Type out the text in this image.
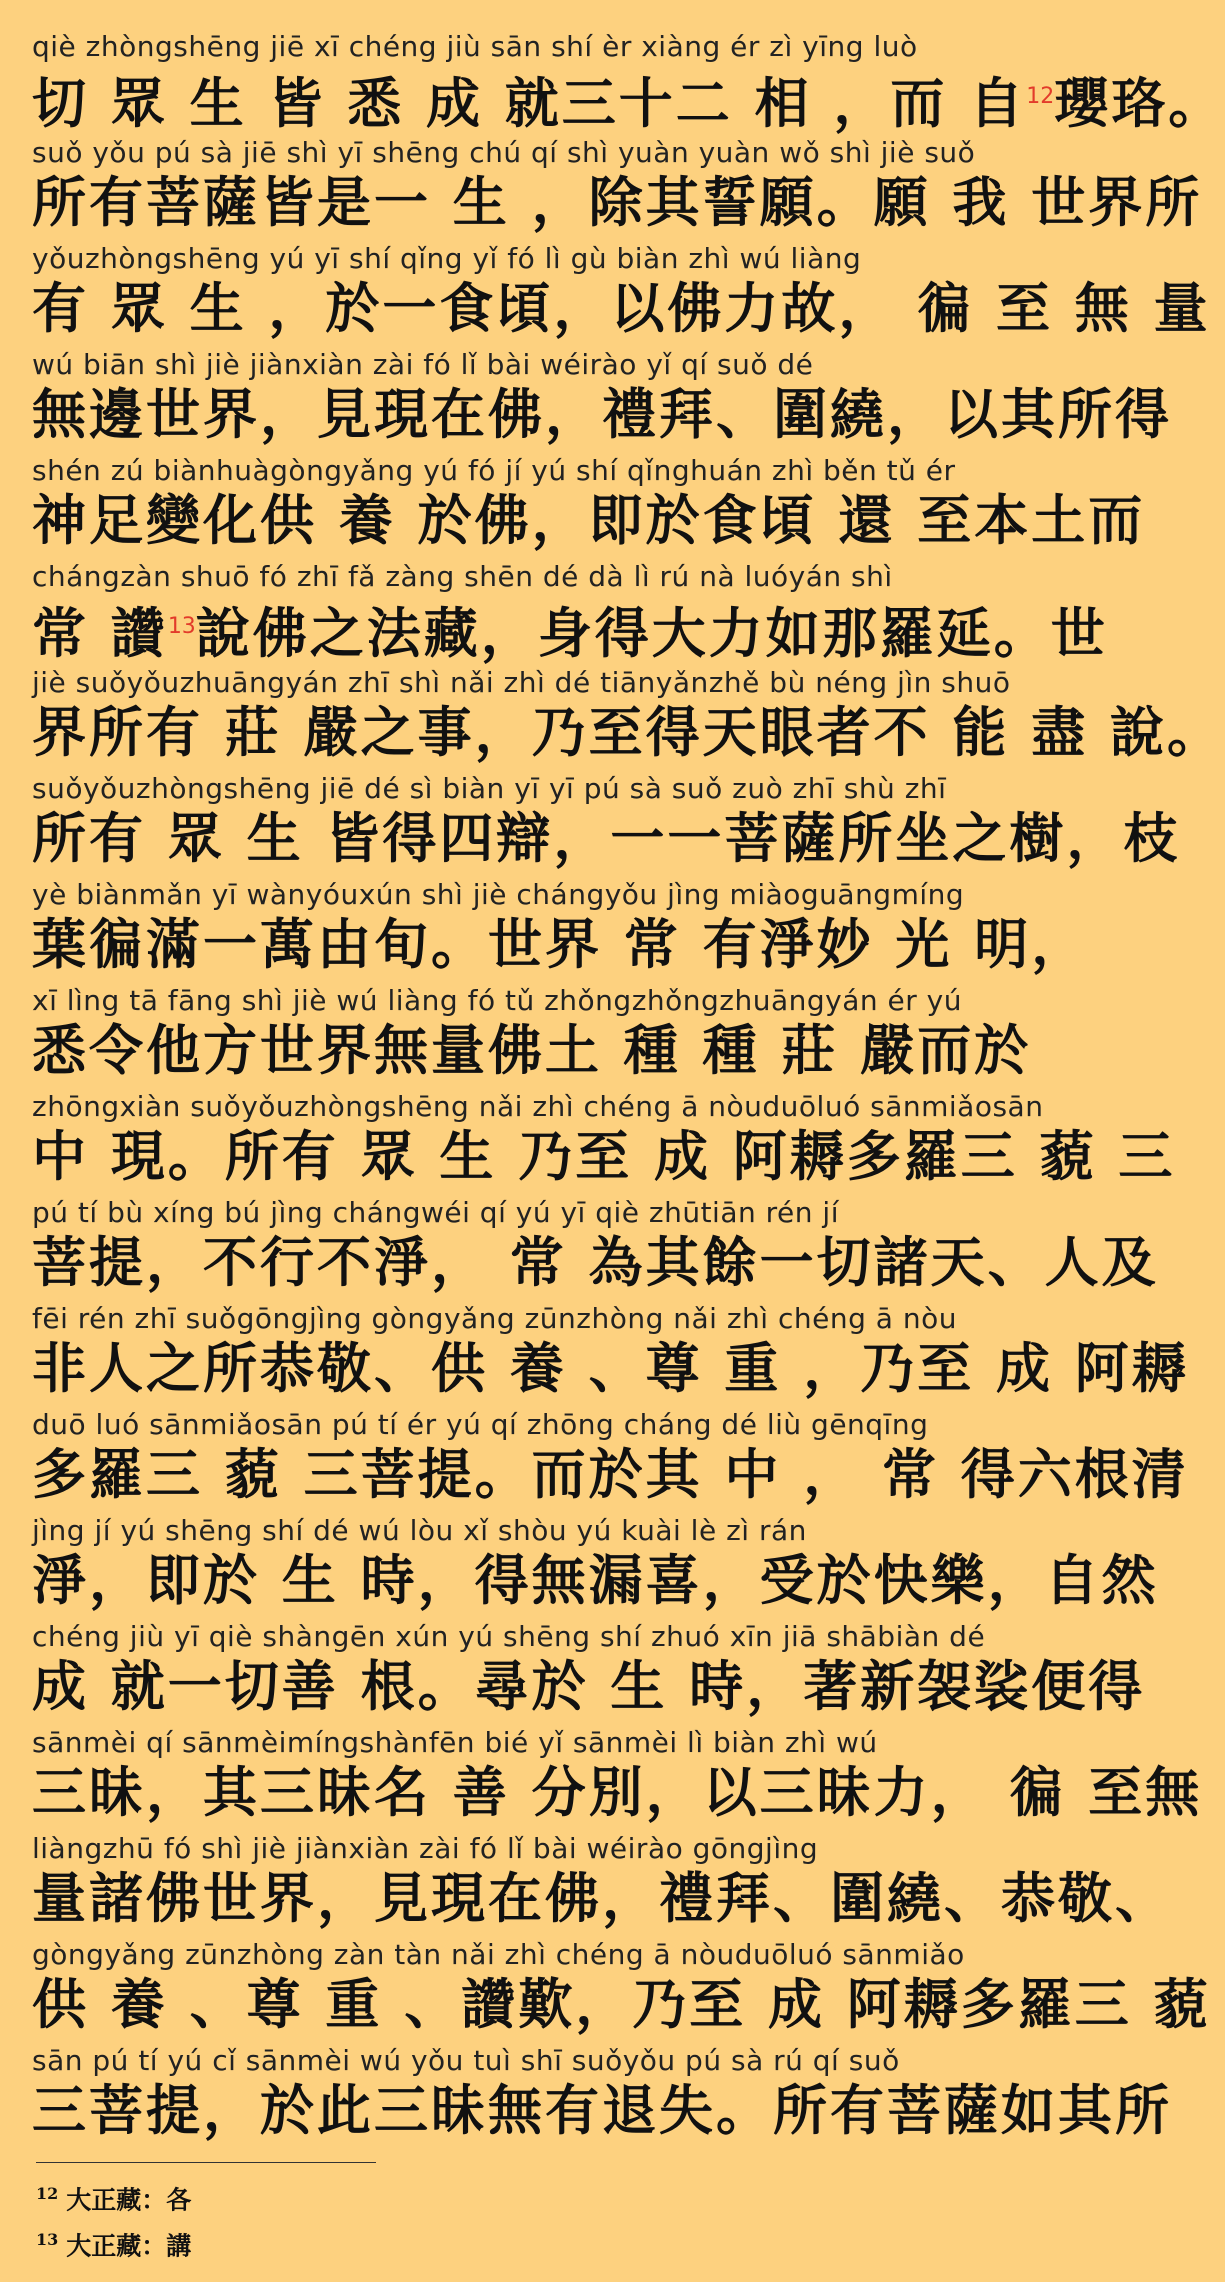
qiè zhòngshēng jiē xī chéng jiù sān shí èr xiàng ér zì yīng luò
切 眾 生 皆 悉 成 就三十二 相 ，而 自$^{12}$瓔珞。
suǒ yǒu pú sà jiē shì yī shēng chú qí shì yuàn yuàn wǒ shì jiè suǒ
所有菩薩皆是一 生 ，除其誓願。願 我 世界所
yǒuzhòngshēng yú yī shí qǐng yǐ fó lì gù biàn zhì wú liàng
有 眾 生 ，於一食頃，以佛力故， 徧 至 無 量
wú biān shì jiè jiànxiàn zài fó lǐ bài wéirào yǐ qí suǒ dé
無邊世界，見現在佛，禮拜、圍繞，以其所得
shén zú biànhuàgòngyǎng yú fó jí yú shí qǐnghuán zhì běn tǔ ér
神足變化供 養 於佛，即於食頃 還 至本土而
chángzàn shuō fó zhī fǎ zàng shēn dé dà lì rú nà luóyán shì
常 讚$^{13}$說佛之法藏，身得大力如那羅延。世
jiè suǒyǒuzhuāngyán zhī shì nǎi zhì dé tiānyǎnzhě bù néng jìn shuō
界所有 莊 嚴之事，乃至得天眼者不 能 盡 說。
suǒyǒuzhòngshēng jiē dé sì biàn yī yī pú sà suǒ zuò zhī shù zhī
所有 眾 生 皆得四辯，一一菩薩所坐之樹，枝
yè biànmǎn yī wànyóuxún shì jiè chángyǒu jìng miàoguāngmíng
葉徧滿一萬由旬。世界 常 有淨妙 光 明，
xī lìng tā fāng shì jiè wú liàng fó tǔ zhǒngzhǒngzhuāngyán ér yú
悉令他方世界無量佛土 種 種 莊 嚴而於
zhōngxiàn suǒyǒuzhòngshēng nǎi zhì chéng ā nòuduōluó sānmiǎosān
中 現。所有 眾 生 乃至 成 阿耨多羅三 藐 三
pú tí bù xíng bú jìng chángwéi qí yú yī qiè zhūtiān rén jí
菩提，不行不淨， 常 為其餘一切諸天、人及
fēi rén zhī suǒgōngjìng gòngyǎng zūnzhòng nǎi zhì chéng ā nòu
非人之所恭敬、供 養 、尊 重 ，乃至 成 阿耨
duō luó sānmiǎosān pú tí ér yú qí zhōng cháng dé liù gēnqīng
多羅三 藐 三菩提。而於其 中 ， 常 得六根清
jìng jí yú shēng shí dé wú lòu xǐ shòu yú kuài lè zì rán
淨，即於 生 時，得無漏喜，受於快樂，自然
chéng jiù yī qiè shàngēn xún yú shēng shí zhuó xīn jiā shābiàn dé
成 就一切善 根。尋於 生 時，著新袈裟便得
sānmèi qí sānmèimíngshànfēn bié yǐ sānmèi lì biàn zhì wú
三昧，其三昧名 善 分別，以三昧力， 徧 至無
liàngzhū fó shì jiè jiànxiàn zài fó lǐ bài wéirào gōngjìng
量諸佛世界，見現在佛，禮拜、圍繞、恭敬、
gòngyǎng zūnzhòng zàn tàn nǎi zhì chéng ā nòuduōluó sānmiǎo
供 養 、尊 重 、讚歎，乃至 成 阿耨多羅三 藐
sān pú tí yú cǐ sānmèi wú yǒu tuì shī suǒyǒu pú sà rú qí suǒ
三菩提，於此三昧無有退失。所有菩薩如其所
$^{12}$ 大正藏：各
$^{13}$ 大正藏：講
